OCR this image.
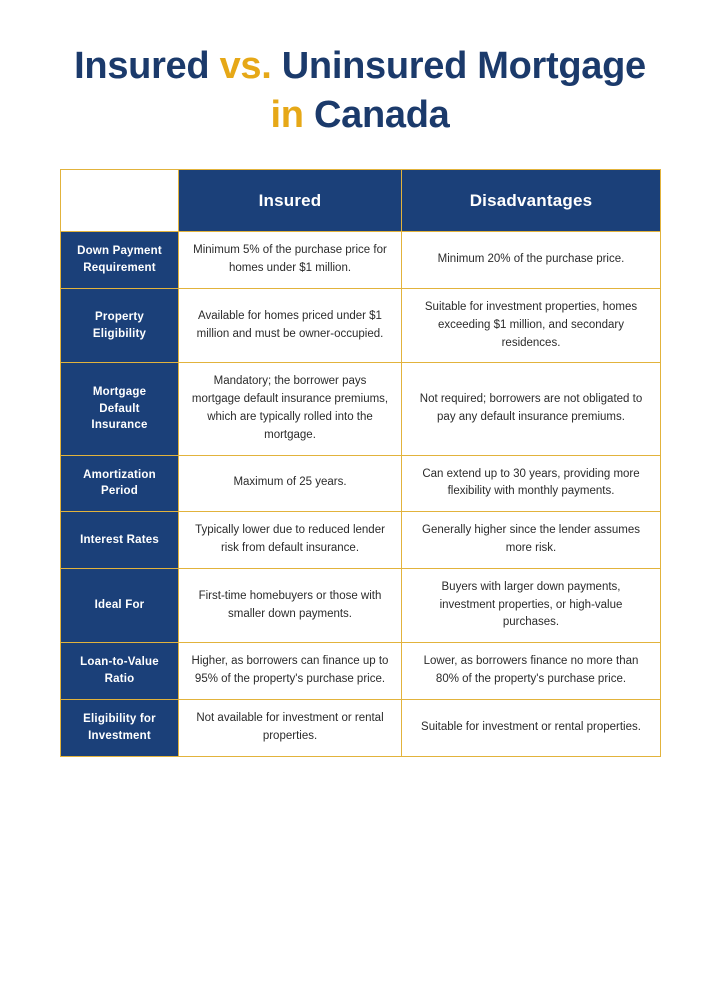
Insured vs. Uninsured Mortgage
in Canada
	Insured	Disadvantages
Down Payment Requirement	Minimum 5% of the purchase price for homes under $1 million.	Minimum 20% of the purchase price.
Property Eligibility	Available for homes priced under $1 million and must be owner-occupied.	Suitable for investment properties, homes exceeding $1 million, and secondary residences.
Mortgage Default Insurance	Mandatory; the borrower pays mortgage default insurance premiums, which are typically rolled into the mortgage.	Not required; borrowers are not obligated to pay any default insurance premiums.
Amortization Period	Maximum of 25 years.	Can extend up to 30 years, providing more flexibility with monthly payments.
Interest Rates	Typically lower due to reduced lender risk from default insurance.	Generally higher since the lender assumes more risk.
Ideal For	First-time homebuyers or those with smaller down payments.	Buyers with larger down payments, investment properties, or high-value purchases.
Loan-to-Value Ratio	Higher, as borrowers can finance up to 95% of the property's purchase price.	Lower, as borrowers finance no more than 80% of the property's purchase price.
Eligibility for Investment	Not available for investment or rental properties.	Suitable for investment or rental properties.
